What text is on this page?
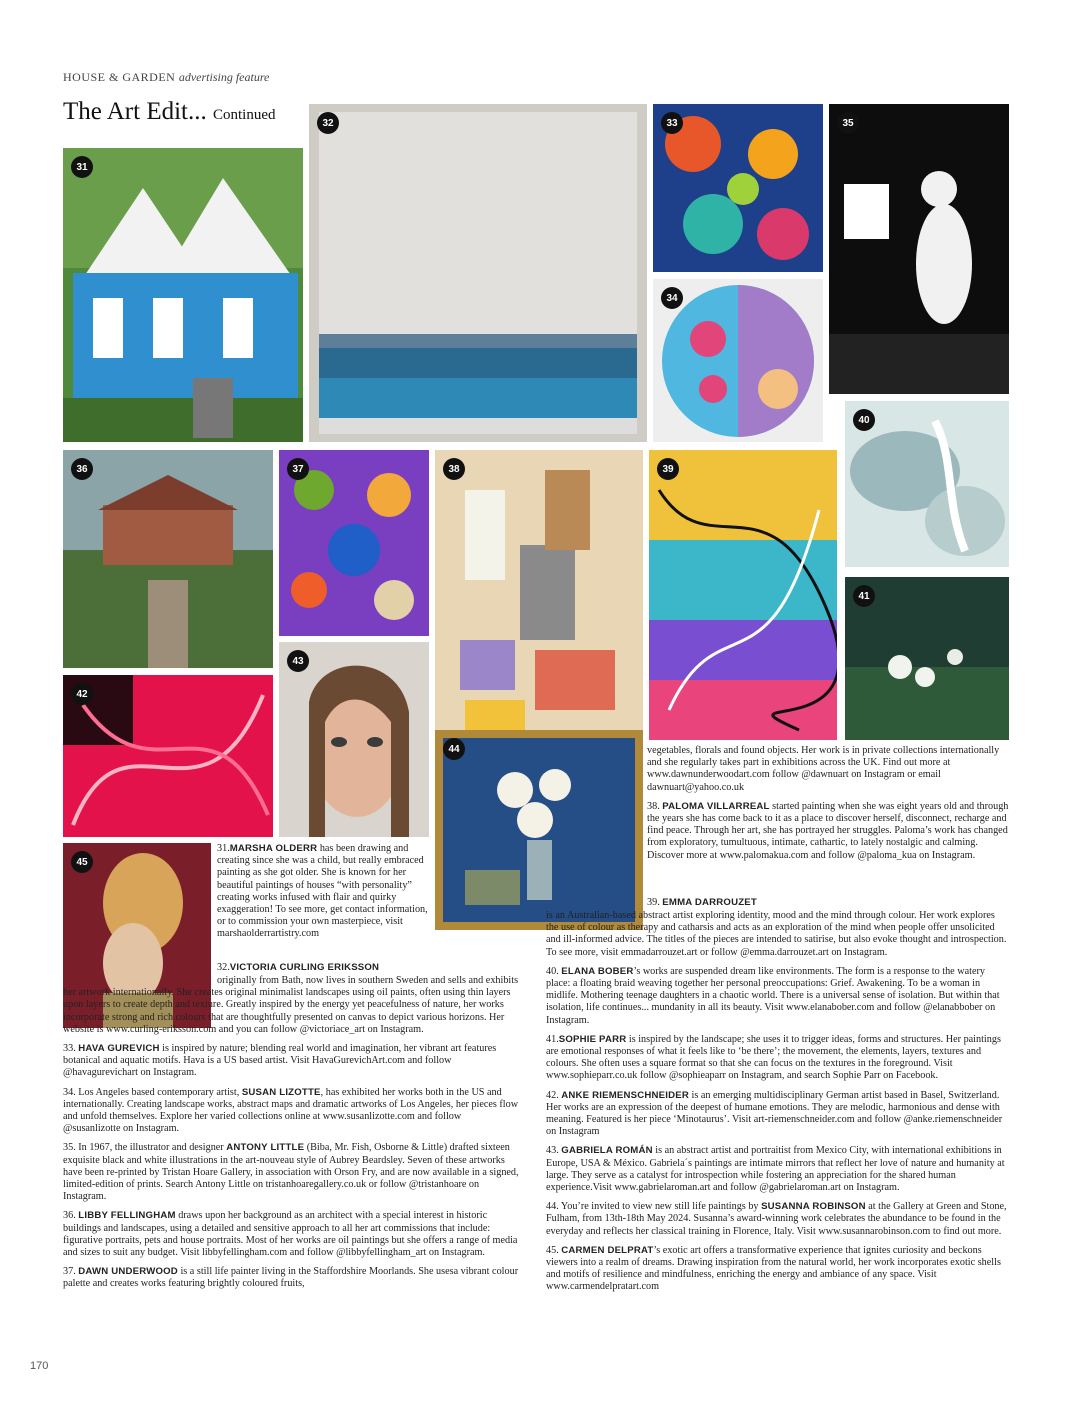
HOUSE & GARDEN advertising feature
The Art Edit... Continued
31
32	33	35
34
40
36	37	38	39
41
42
43
44
45

31.MARSHA OLDERR has been drawing and creating since she was a child, but really embraced painting as she got older. She is known for her beautiful paintings of houses “with personality” creating works infused with flair and quirky exaggeration! To see more, get contact information, or to commission your own masterpiece, visit marshaolderrartistry.com

32.VICTORIA CURLING ERIKSSON

originally from Bath, now lives in southern Sweden and sells and exhibits her artwork internationally. She creates original minimalist landscapes using oil paints, often using thin layers upon layers to create depth and texture. Greatly inspired by the energy yet peacefulness of nature, her works incorporate strong and rich colours that are thoughtfully presented on canvas to depict various horizons. Her website is www.curling-eriksson.com and you can follow @victoriace_art on Instagram.

33. HAVA GUREVICH is inspired by nature; blending real world and imagination, her vibrant art features botanical and aquatic motifs. Hava is a US based artist. Visit HavaGurevichArt.com and follow @havagurevichart on Instagram.

34. Los Angeles based contemporary artist, SUSAN LIZOTTE, has exhibited her works both in the US and internationally. Creating landscape works, abstract maps and dramatic artworks of Los Angeles, her pieces flow and unfold themselves. Explore her varied collections online at www.susanlizotte.com and follow @susanlizotte on Instagram.

35. In 1967, the illustrator and designer ANTONY LITTLE (Biba, Mr. Fish, Osborne & Little) drafted sixteen exquisite black and white illustrations in the art-nouveau style of Aubrey Beardsley. Seven of these artworks have been re-printed by Tristan Hoare Gallery, in association with Orson Fry, and are now available in a signed, limited-edition of prints. Search Antony Little on tristanhoaregallery.co.uk or follow @tristanhoare on Instagram.

36. LIBBY FELLINGHAM draws upon her background as an architect with a special interest in historic buildings and landscapes, using a detailed and sensitive approach to all her art commissions that include: figurative portraits, pets and house portraits. Most of her works are oil paintings but she offers a range of media and sizes to suit any budget. Visit libbyfellingham.com and follow @libbyfellingham_art on Instagram.

37. DAWN UNDERWOOD is a still life painter living in the Staffordshire Moorlands. She usesa vibrant colour palette and creates works featuring brightly coloured fruits,

vegetables, florals and found objects. Her work is in private collections internationally and she regularly takes part in exhibitions across the UK. Find out more at www.dawnunderwoodart.com follow @dawnuart on Instagram or email dawnuart@yahoo.co.uk

38. PALOMA VILLARREAL started painting when she was eight years old and through the years she has come back to it as a place to discover herself, disconnect, recharge and find peace. Through her art, she has portrayed her struggles. Paloma’s work has changed from exploratory, tumultuous, intimate, cathartic, to lately nostalgic and calming. Discover more at www.palomakua.com and follow @paloma_kua on Instagram.

39. EMMA DARROUZET

is an Australian-based abstract artist exploring identity, mood and the mind through colour. Her work explores the use of colour as therapy and catharsis and acts as an exploration of the mind when people offer unsolicited and ill-informed advice. The titles of the pieces are intended to satirise, but also evoke thought and introspection. To see more, visit emmadarrouzet.art or follow @emma.darrouzet.art on Instagram.

40. ELANA BOBER’s works are suspended dream like environments. The form is a response to the watery place: a floating braid weaving together her personal preoccupations: Grief. Awakening. To be a woman in midlife. Mothering teenage daughters in a chaotic world. There is a universal sense of isolation. But within that isolation, life continues... mundanity in all its beauty. Visit www.elanabober.com and follow @elanabbober on Instagram.

41.SOPHIE PARR is inspired by the landscape; she uses it to trigger ideas, forms and structures. Her paintings are emotional responses of what it feels like to ‘be there’; the movement, the elements, layers, textures and colours. She often uses a square format so that she can focus on the textures in the foreground. Visit www.sophieparr.co.uk follow @sophieaparr on Instagram, and search Sophie Parr on Facebook.

42. ANKE RIEMENSCHNEIDER is an emerging multidisciplinary German artist based in Basel, Switzerland. Her works are an expression of the deepest of humane emotions. They are melodic, harmonious and dense with meaning. Featured is her piece ‘Minotaurus’. Visit art-riemenschneider.com and follow @anke.riemenschneider on Instagram

43. GABRIELA ROMÁN is an abstract artist and portraitist from Mexico City, with international exhibitions in Europe, USA & México. Gabriela´s paintings are intimate mirrors that reflect her love of nature and humanity at large. They serve as a catalyst for introspection while fostering an appreciation for the shared human experience.Visit www.gabrielaroman.art and follow @gabrielaroman.art on Instagram.

44. You’re invited to view new still life paintings by SUSANNA ROBINSON at the Gallery at Green and Stone, Fulham, from 13th-18th May 2024. Susanna’s award-winning work celebrates the abundance to be found in the everyday and reflects her classical training in Florence, Italy. Visit www.susannarobinson.com to find out more.

45. CARMEN DELPRAT’s exotic art offers a transformative experience that ignites curiosity and beckons viewers into a realm of dreams. Drawing inspiration from the natural world, her work incorporates exotic shells and motifs of resilience and mindfulness, enriching the energy and ambiance of any space. Visit www.carmendelpratart.com

170
